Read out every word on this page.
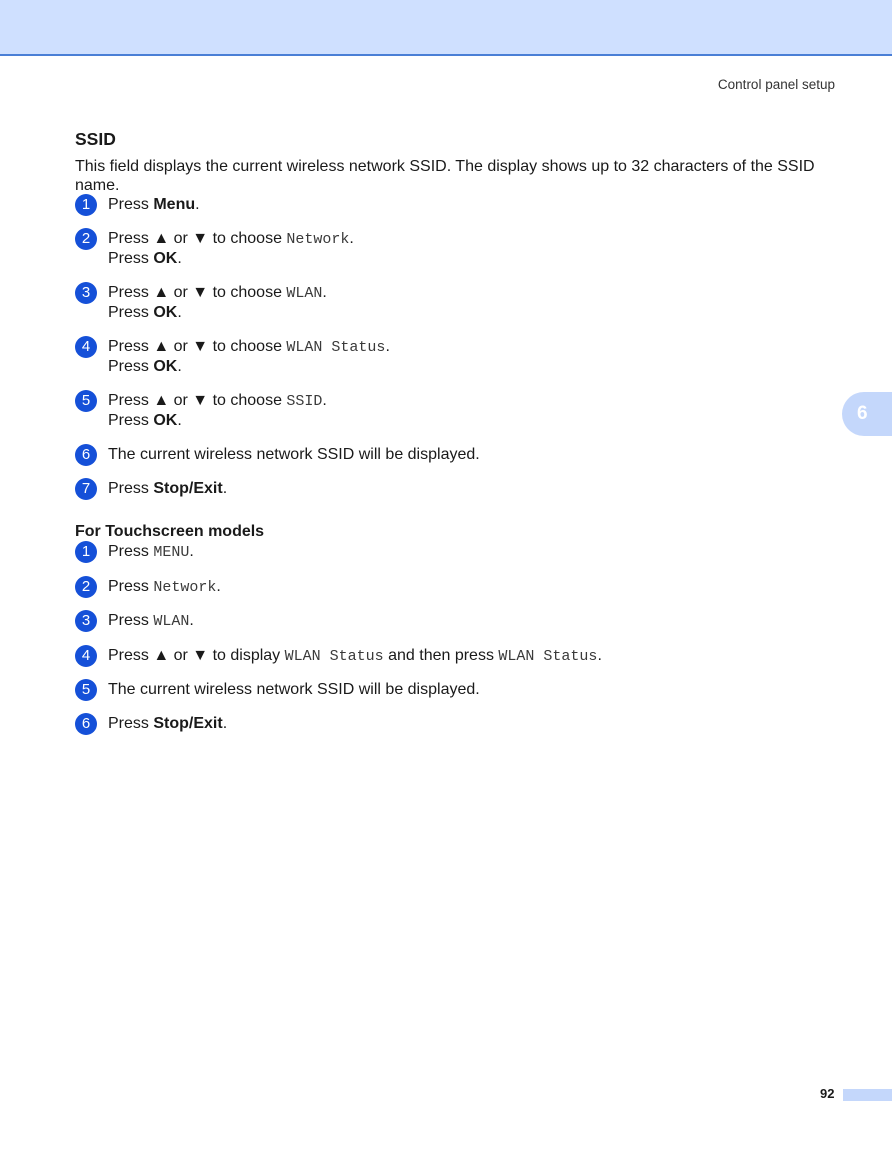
Control panel setup
6
SSID

This field displays the current wireless network SSID. The display shows up to 32 characters of the SSID name.

1	Press Menu.
2	Press ▲ or ▼ to choose Network.
Press OK.
3	Press ▲ or ▼ to choose WLAN.
Press OK.
4	Press ▲ or ▼ to choose WLAN Status.
Press OK.
5	Press ▲ or ▼ to choose SSID.
Press OK.
6	The current wireless network SSID will be displayed.
7	Press Stop/Exit.
For Touchscreen models
1	Press MENU.
2	Press Network.
3	Press WLAN.
4	Press ▲ or ▼ to display WLAN Status and then press WLAN Status.
5	The current wireless network SSID will be displayed.
6	Press Stop/Exit.
92
